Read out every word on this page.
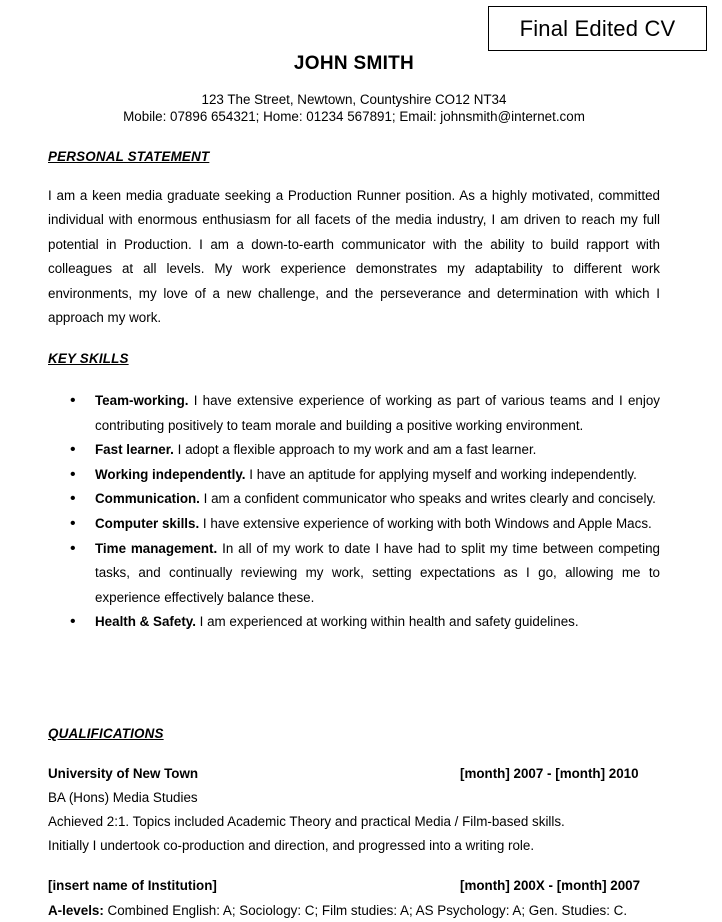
Final Edited CV
JOHN SMITH
123 The Street, Newtown, Countyshire CO12 NT34
Mobile: 07896 654321; Home: 01234 567891; Email: johnsmith@internet.com
PERSONAL STATEMENT

I am a keen media graduate seeking a Production Runner position. As a highly motivated, committed individual with enormous enthusiasm for all facets of the media industry, I am driven to reach my full potential in Production. I am a down-to-earth communicator with the ability to build rapport with colleagues at all levels. My work experience demonstrates my adaptability to different work environments, my love of a new challenge, and the perseverance and determination with which I approach my work.

KEY SKILLS
• Team-working. I have extensive experience of working as part of various teams and I enjoy contributing positively to team morale and building a positive working environment.
• Fast learner. I adopt a flexible approach to my work and am a fast learner.
• Working independently. I have an aptitude for applying myself and working independently.
• Communication. I am a confident communicator who speaks and writes clearly and concisely.
• Computer skills. I have extensive experience of working with both Windows and Apple Macs.
• Time management. In all of my work to date I have had to split my time between competing tasks, and continually reviewing my work, setting expectations as I go, allowing me to experience effectively balance these.
• Health & Safety. I am experienced at working within health and safety guidelines.
QUALIFICATIONS
University of New Town	[month] 2007 - [month] 2010
BA (Hons) Media Studies
Achieved 2:1. Topics included Academic Theory and practical Media / Film-based skills.
Initially I undertook co-production and direction, and progressed into a writing role.
[insert name of Institution]	[month] 200X - [month] 2007
A-levels: Combined English: A; Sociology: C; Film studies: A; AS Psychology: A; Gen. Studies: C.
